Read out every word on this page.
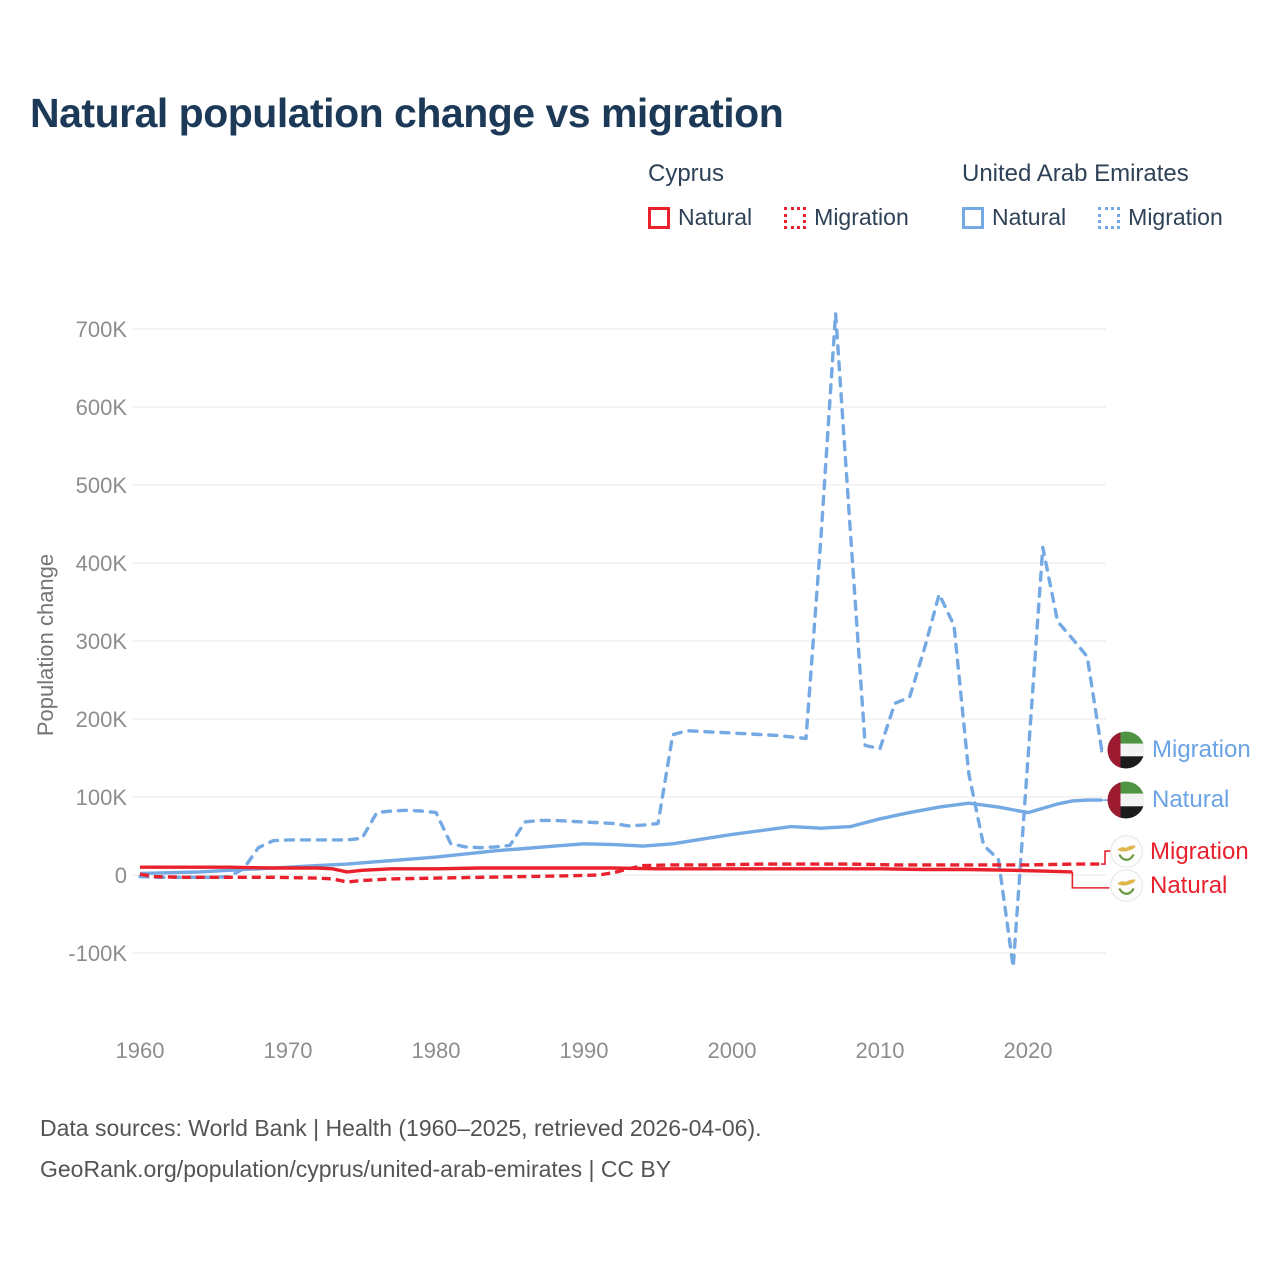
Natural population change vs migration
Cyprus
Natural	Migration
United Arab Emirates
Natural	Migration
Population change
700K
600K
500K
400K
300K
200K
100K
0
-100K
1960	1970	1980	1990	2000	2010	2020
Migration
Natural
Migration
Natural
Data sources: World Bank | Health (1960–2025, retrieved 2026-04-06).
GeoRank.org/population/cyprus/united-arab-emirates | CC BY
